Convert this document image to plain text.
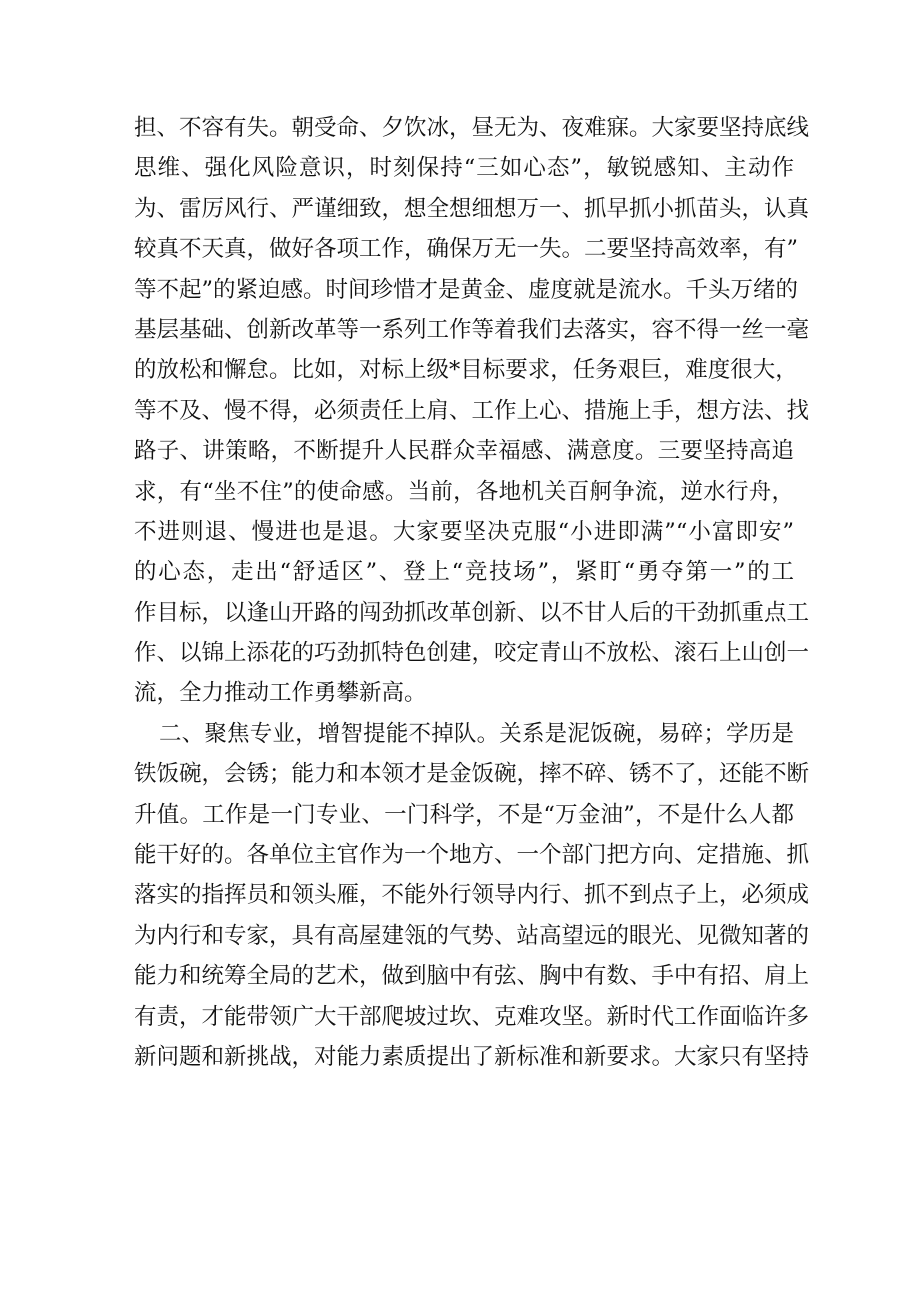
担、不容有失。朝受命、夕饮冰，昼无为、夜难寐。大家要坚持底线
思维、强化风险意识，时刻保持“三如心态”，敏锐感知、主动作
为、雷厉风行、严谨细致，想全想细想万一、抓早抓小抓苗头，认真
较真不天真，做好各项工作，确保万无一失。二要坚持高效率，有”
等不起”的紧迫感。时间珍惜才是黄金、虚度就是流水。千头万绪的
基层基础、创新改革等一系列工作等着我们去落实，容不得一丝一毫
的放松和懈怠。比如，对标上级*目标要求，任务艰巨，难度很大，
等不及、慢不得，必须责任上肩、工作上心、措施上手，想方法、找
路子、讲策略，不断提升人民群众幸福感、满意度。三要坚持高追
求，有“坐不住”的使命感。当前，各地机关百舸争流，逆水行舟，
不进则退、慢进也是退。大家要坚决克服“小进即满”“小富即安”
的心态，走出“舒适区”、登上“竞技场”，紧盯“勇夺第一”的工
作目标，以逢山开路的闯劲抓改革创新、以不甘人后的干劲抓重点工
作、以锦上添花的巧劲抓特色创建，咬定青山不放松、滚石上山创一
流，全力推动工作勇攀新高。
二、聚焦专业，增智提能不掉队。关系是泥饭碗，易碎；学历是
铁饭碗，会锈；能力和本领才是金饭碗，摔不碎、锈不了，还能不断
升值。工作是一门专业、一门科学，不是“万金油”，不是什么人都
能干好的。各单位主官作为一个地方、一个部门把方向、定措施、抓
落实的指挥员和领头雁，不能外行领导内行、抓不到点子上，必须成
为内行和专家，具有高屋建瓴的气势、站高望远的眼光、见微知著的
能力和统筹全局的艺术，做到脑中有弦、胸中有数、手中有招、肩上
有责，才能带领广大干部爬坡过坎、克难攻坚。新时代工作面临许多
新问题和新挑战，对能力素质提出了新标准和新要求。大家只有坚持
